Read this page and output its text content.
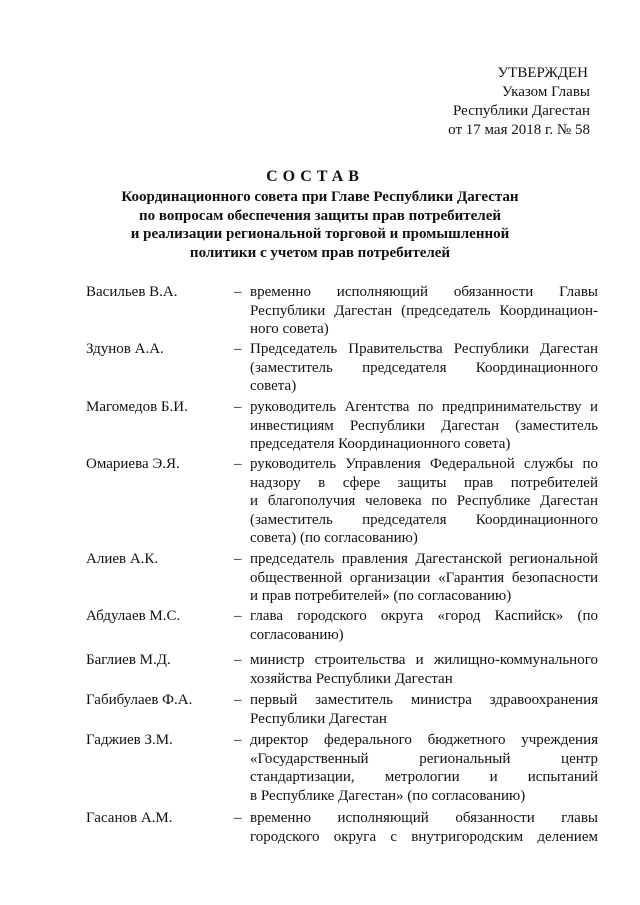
УТВЕРЖДЕН
Указом Главы
Республики Дагестан
от 17 мая 2018 г. № 58
СОСТАВ
Координационного совета при Главе Республики Дагестан
по вопросам обеспечения защиты прав потребителей
и реализации региональной торговой и промышленной
политики с учетом прав потребителей
Васильев В.А.	– временно исполняющий обязанности Главы
Республики Дагестан (председатель Координацион-
ного совета)
Здунов А.А.	– Председатель Правительства Республики Дагестан
(заместитель председателя Координационного
совета)
Магомедов Б.И.	– руководитель Агентства по предпринимательству и
инвестициям Республики Дагестан (заместитель
председателя Координационного совета)
Омариева Э.Я.	– руководитель Управления Федеральной службы по
надзору в сфере защиты прав потребителей
и благополучия человека по Республике Дагестан
(заместитель председателя Координационного
совета) (по согласованию)
Алиев А.К.	– председатель правления Дагестанской региональной
общественной организации «Гарантия безопасности
и прав потребителей» (по согласованию)
Абдулаев М.С.	– глава городского округа «город Каспийск» (по
согласованию)
Баглиев М.Д.	– министр строительства и жилищно-коммунального
хозяйства Республики Дагестан
Габибулаев Ф.А.	– первый заместитель министра здравоохранения
Республики Дагестан
Гаджиев З.М.	– директор федерального бюджетного учреждения
«Государственный региональный центр
стандартизации, метрологии и испытаний
в Республике Дагестан» (по согласованию)
Гасанов А.М.	– временно исполняющий обязанности главы
городского округа с внутригородским делением
